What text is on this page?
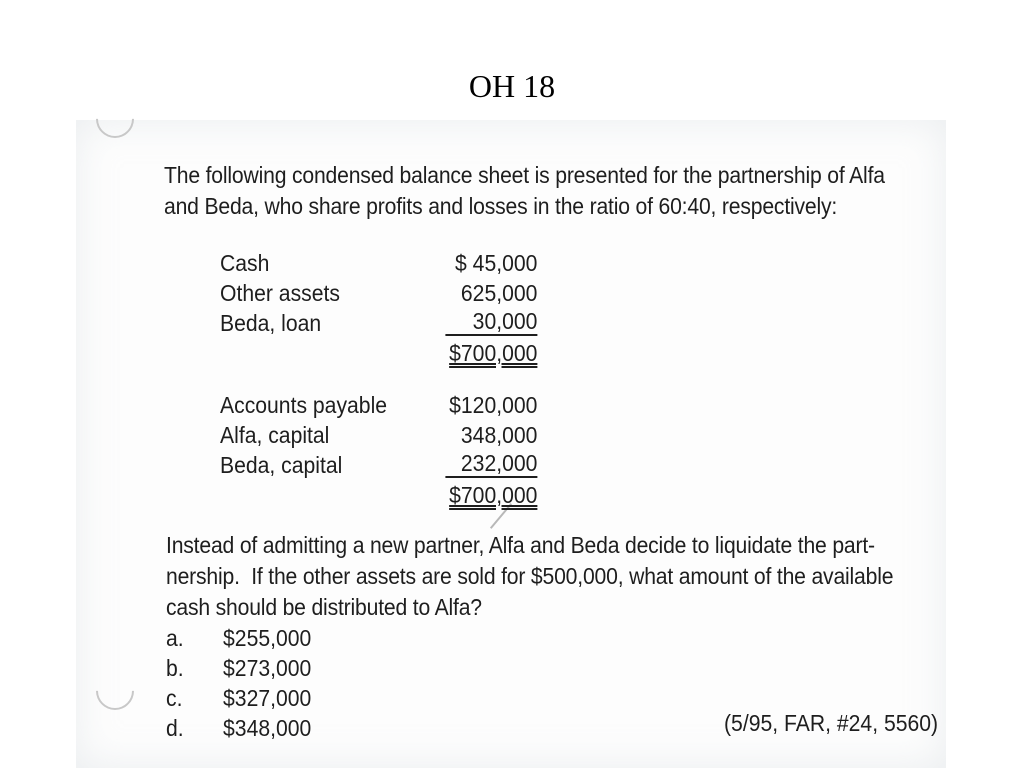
OH 18
The following condensed balance sheet is presented for the partnership of Alfa
and Beda, who share profits and losses in the ratio of 60:40, respectively:
Cash	$ 45,000
Other assets	625,000
Beda, loan	30,000
$700,000
Accounts payable	$120,000
Alfa, capital	348,000
Beda, capital	232,000
$700,000
Instead of admitting a new partner, Alfa and Beda decide to liquidate the part-
nership.  If the other assets are sold for $500,000, what amount of the available
cash should be distributed to Alfa?
a. $255,000
b. $273,000
c. $327,000
d. $348,000	(5/95, FAR, #24, 5560)
